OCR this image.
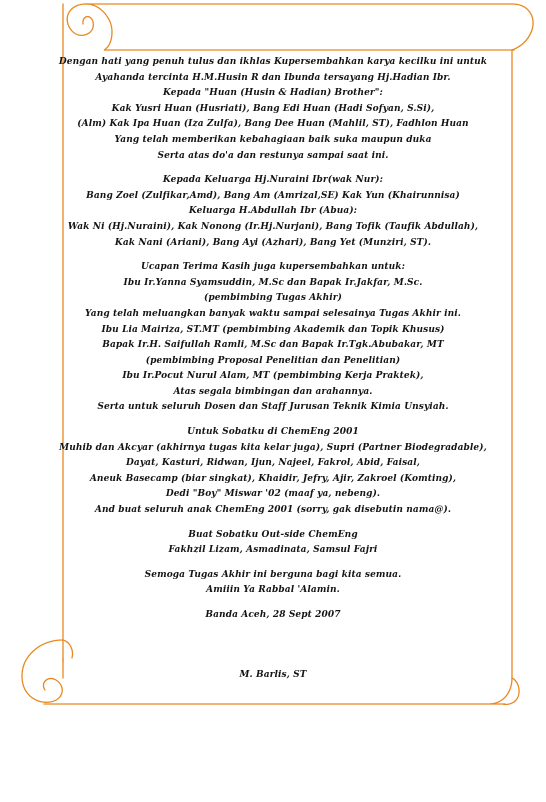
Dengan hati yang penuh tulus dan ikhlas Kupersembahkan karya kecilku ini untuk
Ayahanda tercinta H.M.Husin R dan Ibunda tersayang Hj.Hadian Ibr.
Kepada "Huan (Husin & Hadian) Brother":
Kak Yusri Huan (Husriati), Bang Edi Huan (Hadi Sofyan, S.Si),
(Alm) Kak Ipa Huan (Iza Zulfa), Bang Dee Huan (Mahlil, ST), Fadhlon Huan
Yang telah memberikan kebahagiaan baik suka maupun duka
Serta atas do'a dan restunya sampai saat ini.
Kepada Keluarga Hj.Nuraini Ibr(wak Nur):
Bang Zoel (Zulfikar,Amd), Bang Am (Amrizal,SE) Kak Yun (Khairunnisa)
Keluarga H.Abdullah Ibr (Abua):
Wak Ni (Hj.Nuraini), Kak Nonong (Ir.Hj.Nurjani), Bang Tofik (Taufik Abdullah),
Kak Nani (Ariani), Bang Ayi (Azhari), Bang Yet (Munziri, ST).
Ucapan Terima Kasih juga kupersembahkan untuk:
Ibu Ir.Yanna Syamsuddin, M.Sc dan Bapak Ir.Jakfar, M.Sc.
(pembimbing Tugas Akhir)
Yang telah meluangkan banyak waktu sampai selesainya Tugas Akhir ini.
Ibu Lia Mairiza, ST.MT (pembimbing Akademik dan Topik Khusus)
Bapak Ir.H. Saifullah Ramli, M.Sc dan Bapak Ir.Tgk.Abubakar, MT
(pembimbing Proposal Penelitian dan Penelitian)
Ibu Ir.Pocut Nurul Alam, MT (pembimbing Kerja Praktek),
Atas segala bimbingan dan arahannya.
Serta untuk seluruh Dosen dan Staff Jurusan Teknik Kimia Unsyiah.
Untuk Sobatku di ChemEng 2001
Muhib dan Akcyar (akhirnya tugas kita kelar juga), Supri (Partner Biodegradable),
Dayat, Kasturi, Ridwan, Ijun, Najeel, Fakrol, Abid, Faisal,
Aneuk Basecamp (biar singkat), Khaidir, Jefry, Ajir, Zakroel (Komting),
Dedi "Boy" Miswar '02 (maaf ya, nebeng).
And buat seluruh anak ChemEng 2001 (sorry, gak disebutin nama@).
Buat Sobatku Out-side ChemEng
Fakhzil Lizam, Asmadinata, Samsul Fajri
Semoga Tugas Akhir ini berguna bagi kita semua.
Amiiin Ya Rabbal 'Alamin.
Banda Aceh, 28 Sept 2007
M. Barlis, ST
